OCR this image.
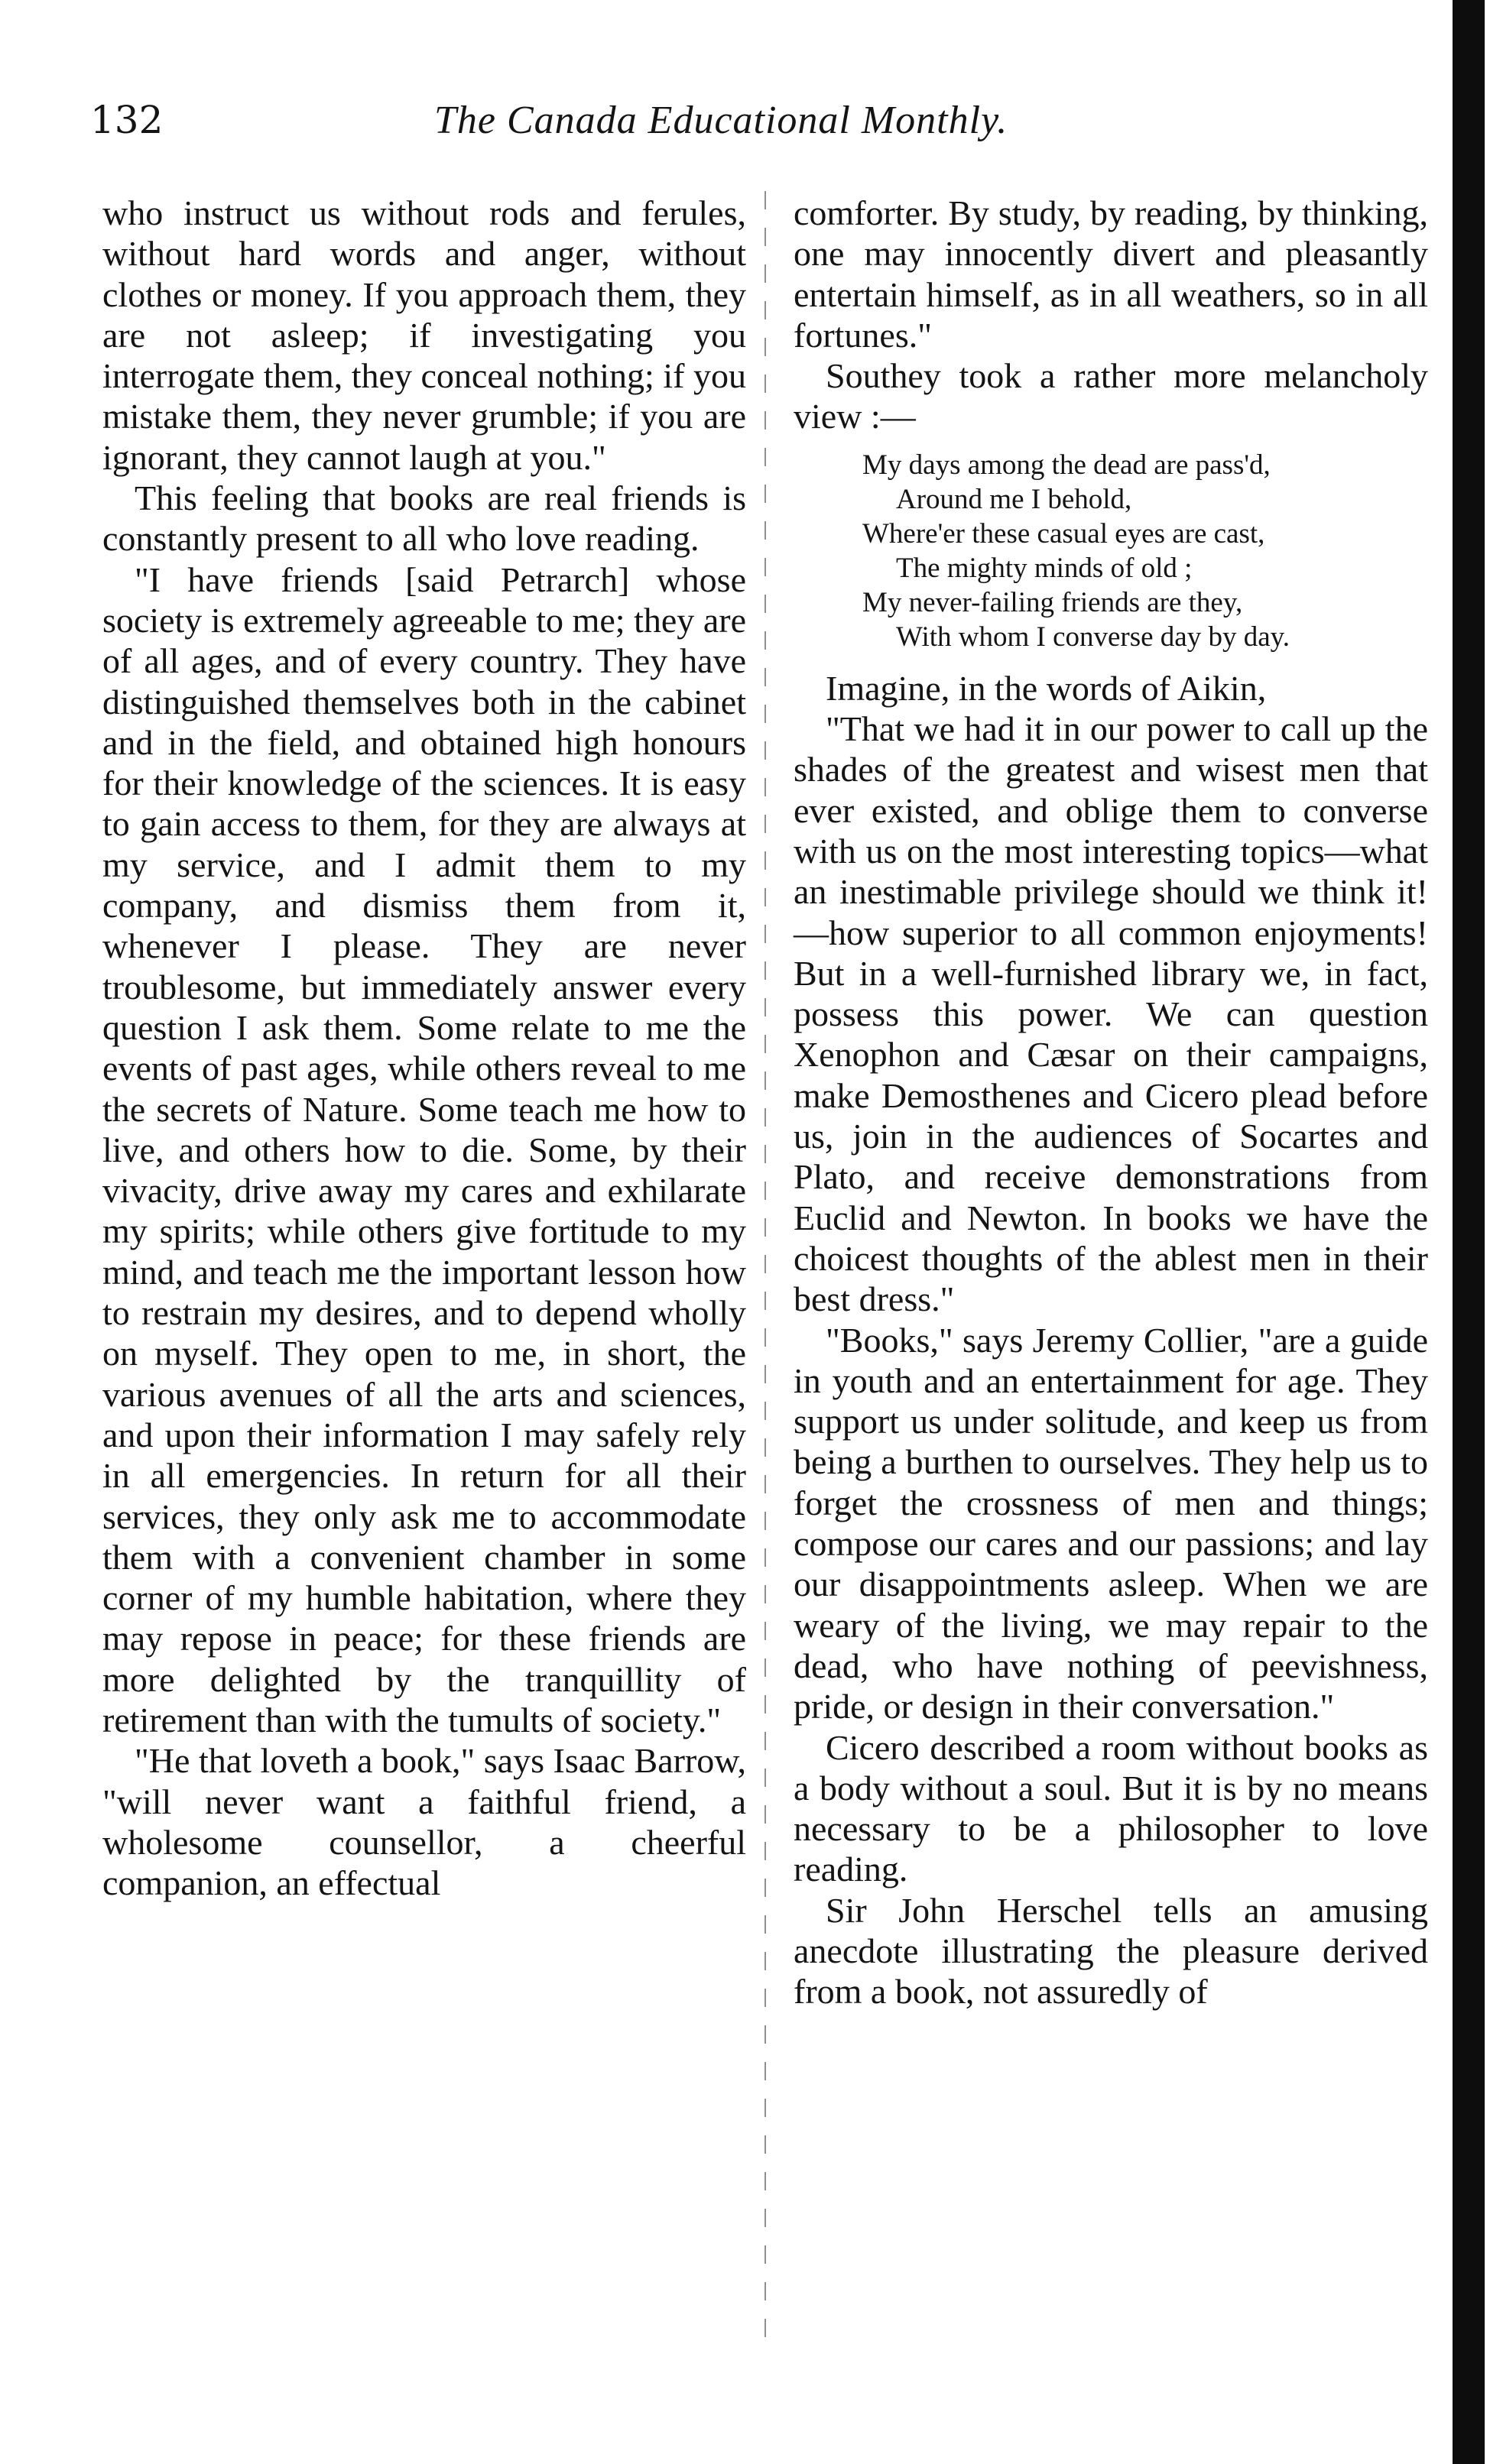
132	The Canada Educational Monthly.

who instruct us without rods and ferules, without hard words and anger, without clothes or money. If you approach them, they are not asleep; if investigating you interrogate them, they conceal nothing; if you mistake them, they never grumble; if you are ignorant, they cannot laugh at you."

This feeling that books are real friends is constantly present to all who love reading.

"I have friends [said Petrarch] whose society is extremely agreeable to me; they are of all ages, and of every country. They have distinguished themselves both in the cabinet and in the field, and obtained high honours for their knowledge of the sciences. It is easy to gain access to them, for they are always at my service, and I admit them to my company, and dismiss them from it, whenever I please. They are never troublesome, but immediately answer every question I ask them. Some relate to me the events of past ages, while others reveal to me the secrets of Nature. Some teach me how to live, and others how to die. Some, by their vivacity, drive away my cares and exhilarate my spirits; while others give fortitude to my mind, and teach me the important lesson how to restrain my desires, and to depend wholly on myself. They open to me, in short, the various avenues of all the arts and sciences, and upon their information I may safely rely in all emergencies. In return for all their services, they only ask me to accommodate them with a convenient chamber in some corner of my humble habitation, where they may repose in peace; for these friends are more delighted by the tranquillity of retirement than with the tumults of society."

"He that loveth a book," says Isaac Barrow, "will never want a faithful friend, a wholesome counsellor, a cheerful companion, an effectual

comforter. By study, by reading, by thinking, one may innocently divert and pleasantly entertain himself, as in all weathers, so in all fortunes."

Southey took a rather more melancholy view :—

My days among the dead are pass'd,
Around me I behold,
Where'er these casual eyes are cast,
The mighty minds of old ;
My never-failing friends are they,
With whom I converse day by day.

Imagine, in the words of Aikin,

"That we had it in our power to call up the shades of the greatest and wisest men that ever existed, and oblige them to converse with us on the most interesting topics—what an inestimable privilege should we think it!—how superior to all common enjoyments! But in a well-furnished library we, in fact, possess this power. We can question Xenophon and Cæsar on their campaigns, make Demosthenes and Cicero plead before us, join in the audiences of Socartes and Plato, and receive demonstrations from Euclid and Newton. In books we have the choicest thoughts of the ablest men in their best dress."

"Books," says Jeremy Collier, "are a guide in youth and an entertainment for age. They support us under solitude, and keep us from being a burthen to ourselves. They help us to forget the crossness of men and things; compose our cares and our passions; and lay our disappointments asleep. When we are weary of the living, we may repair to the dead, who have nothing of peevishness, pride, or design in their conversation."

Cicero described a room without books as a body without a soul. But it is by no means necessary to be a philosopher to love reading.

Sir John Herschel tells an amusing anecdote illustrating the pleasure derived from a book, not assuredly of
